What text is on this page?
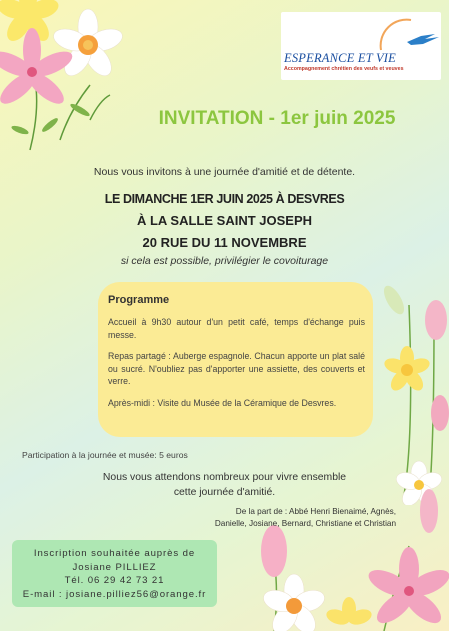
ESPERANCE ET VIE
Accompagnement chrétien des veufs et veuves
INVITATION - 1er juin 2025
Nous vous invitons à une journée d'amitié et de détente.
LE DIMANCHE 1ER JUIN 2025 À DESVRES
À LA SALLE SAINT JOSEPH
20 RUE DU 11 NOVEMBRE
si cela est possible, privilégier le covoiturage
Programme

Accueil à 9h30 autour d'un petit café, temps d'échange puis messe.

Repas partagé : Auberge espagnole. Chacun apporte un plat salé ou sucré. N'oubliez pas d'apporter une assiette, des couverts et verre.

Après-midi : Visite du Musée de la Céramique de Desvres.

Participation à la journée et musée: 5 euros
Nous vous attendons nombreux pour vivre ensemble
cette journée d'amitié.
De la part de : Abbé Henri Bienaimé, Agnès,
Danielle, Josiane, Bernard, Christiane et Christian
Inscription souhaitée auprès de
Josiane PILLIEZ
Tél. 06 29 42 73 21
E-mail : josiane.pilliez56@orange.fr
